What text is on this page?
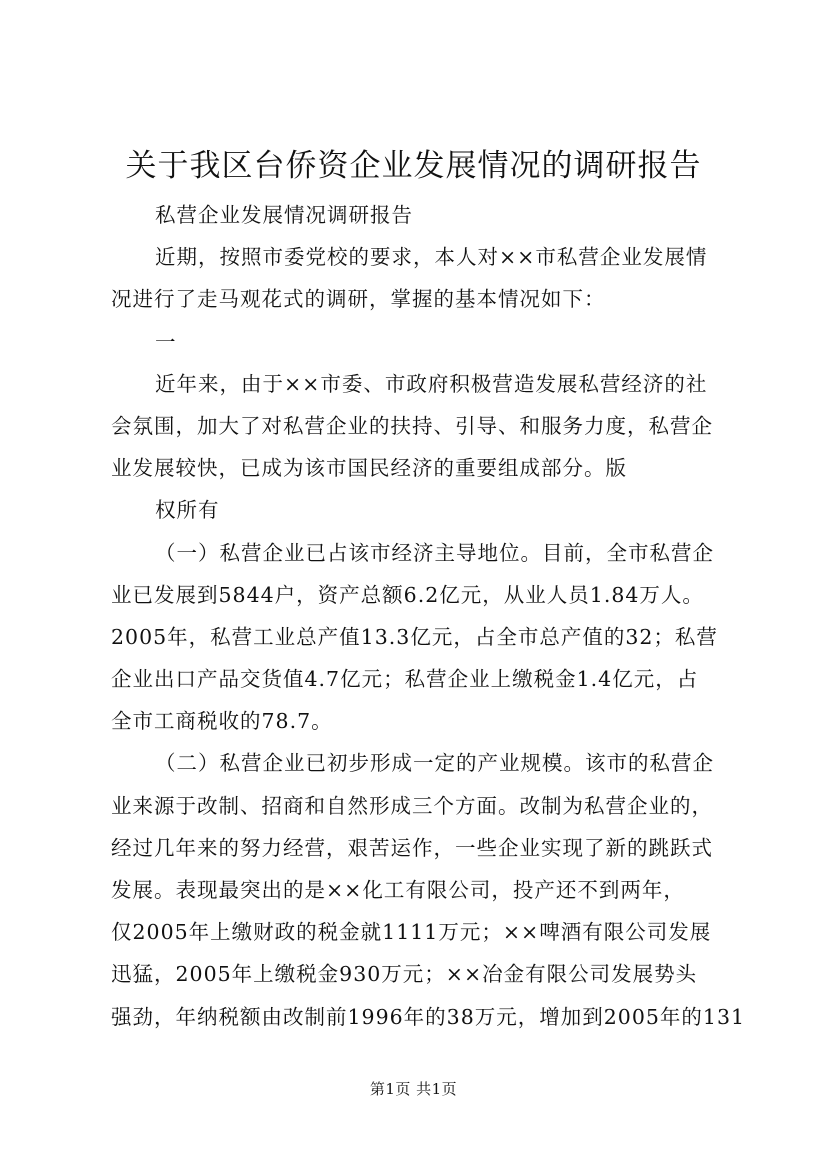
关于我区台侨资企业发展情况的调研报告
私营企业发展情况调研报告
近期，按照市委党校的要求，本人对××市私营企业发展情
况进行了走马观花式的调研，掌握的基本情况如下：
一
近年来，由于××市委、市政府积极营造发展私营经济的社
会氛围，加大了对私营企业的扶持、引导、和服务力度，私营企
业发展较快，已成为该市国民经济的重要组成部分。版
权所有
（一）私营企业已占该市经济主导地位。目前，全市私营企
业已发展到5844户，资产总额6.2亿元，从业人员1.84万人。
2005年，私营工业总产值13.3亿元，占全市总产值的32；私营
企业出口产品交货值4.7亿元；私营企业上缴税金1.4亿元，占
全市工商税收的78.7。
（二）私营企业已初步形成一定的产业规模。该市的私营企
业来源于改制、招商和自然形成三个方面。改制为私营企业的，
经过几年来的努力经营，艰苦运作，一些企业实现了新的跳跃式
发展。表现最突出的是××化工有限公司，投产还不到两年，
仅2005年上缴财政的税金就1111万元；××啤酒有限公司发展
迅猛，2005年上缴税金930万元；××冶金有限公司发展势头
强劲，年纳税额由改制前1996年的38万元，增加到2005年的131
第1页 共1页
